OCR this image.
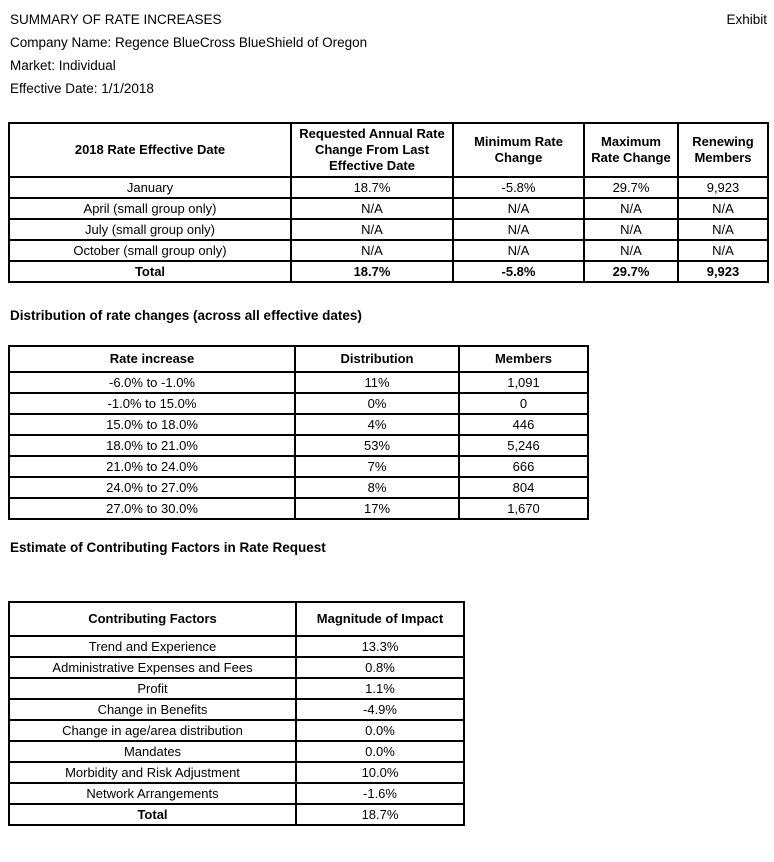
SUMMARY OF RATE INCREASES	Exhibit
Company Name: Regence BlueCross BlueShield of Oregon
Market: Individual
Effective Date: 1/1/2018
2018 Rate Effective Date	Requested Annual Rate Change From Last Effective Date	Minimum Rate Change	Maximum Rate Change	Renewing Members
January	18.7%	-5.8%	29.7%	9,923
April (small group only)	N/A	N/A	N/A	N/A
July (small group only)	N/A	N/A	N/A	N/A
October (small group only)	N/A	N/A	N/A	N/A
Total	18.7%	-5.8%	29.7%	9,923
Distribution of rate changes (across all effective dates)
Rate increase	Distribution	Members
-6.0% to -1.0%	11%	1,091
-1.0% to 15.0%	0%	0
15.0% to 18.0%	4%	446
18.0% to 21.0%	53%	5,246
21.0% to 24.0%	7%	666
24.0% to 27.0%	8%	804
27.0% to 30.0%	17%	1,670
Estimate of Contributing Factors in Rate Request
Contributing Factors	Magnitude of Impact
Trend and Experience	13.3%
Administrative Expenses and Fees	0.8%
Profit	1.1%
Change in Benefits	-4.9%
Change in age/area distribution	0.0%
Mandates	0.0%
Morbidity and Risk Adjustment	10.0%
Network Arrangements	-1.6%
Total	18.7%
